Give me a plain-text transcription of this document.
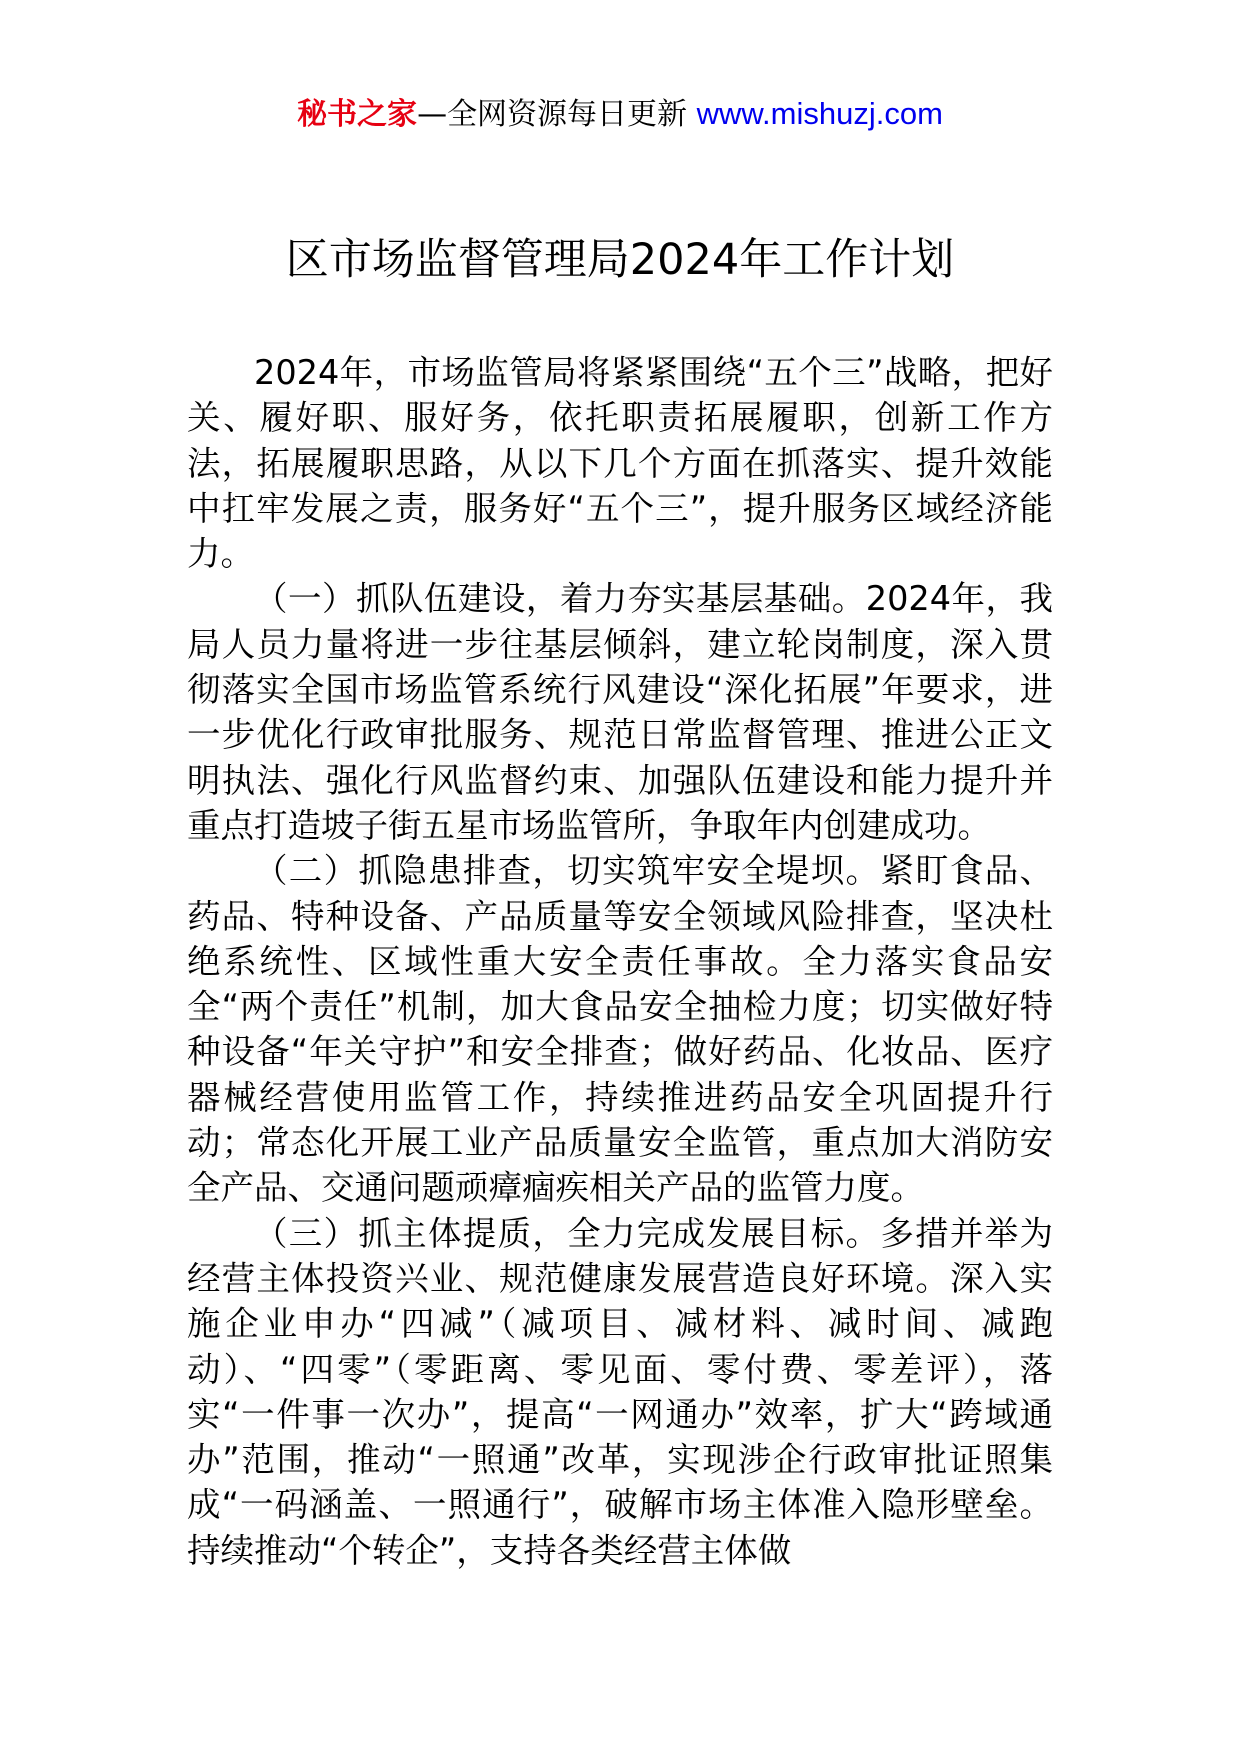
秘书之家—全网资源每日更新 www.mishuzj.com
区市场监督管理局2024年工作计划

2024年，市场监管局将紧紧围绕“五个三”战略，把好关、履好职、服好务，依托职责拓展履职，创新工作方法，拓展履职思路，从以下几个方面在抓落实、提升效能中扛牢发展之责，服务好“五个三”，提升服务区域经济能力。

（一）抓队伍建设，着力夯实基层基础。2024年，我局人员力量将进一步往基层倾斜，建立轮岗制度，深入贯彻落实全国市场监管系统行风建设“深化拓展”年要求，进一步优化行政审批服务、规范日常监督管理、推进公正文明执法、强化行风监督约束、加强队伍建设和能力提升并重点打造坡子街五星市场监管所，争取年内创建成功。

（二）抓隐患排查，切实筑牢安全堤坝。紧盯食品、药品、特种设备、产品质量等安全领域风险排查，坚决杜绝系统性、区域性重大安全责任事故。全力落实食品安全“两个责任”机制，加大食品安全抽检力度；切实做好特种设备“年关守护”和安全排查；做好药品、化妆品、医疗器械经营使用监管工作，持续推进药品安全巩固提升行动；常态化开展工业产品质量安全监管，重点加大消防安全产品、交通问题顽瘴痼疾相关产品的监管力度。

（三）抓主体提质，全力完成发展目标。多措并举为经营主体投资兴业、规范健康发展营造良好环境。深入实施企业申办“四减”（减项目、减材料、减时间、减跑动）、“四零”（零距离、零见面、零付费、零差评），落实“一件事一次办”，提高“一网通办”效率，扩大“跨域通办”范围，推动“一照通”改革，实现涉企行政审批证照集成“一码涵盖、一照通行”，破解市场主体准入隐形壁垒。持续推动“个转企”，支持各类经营主体做
